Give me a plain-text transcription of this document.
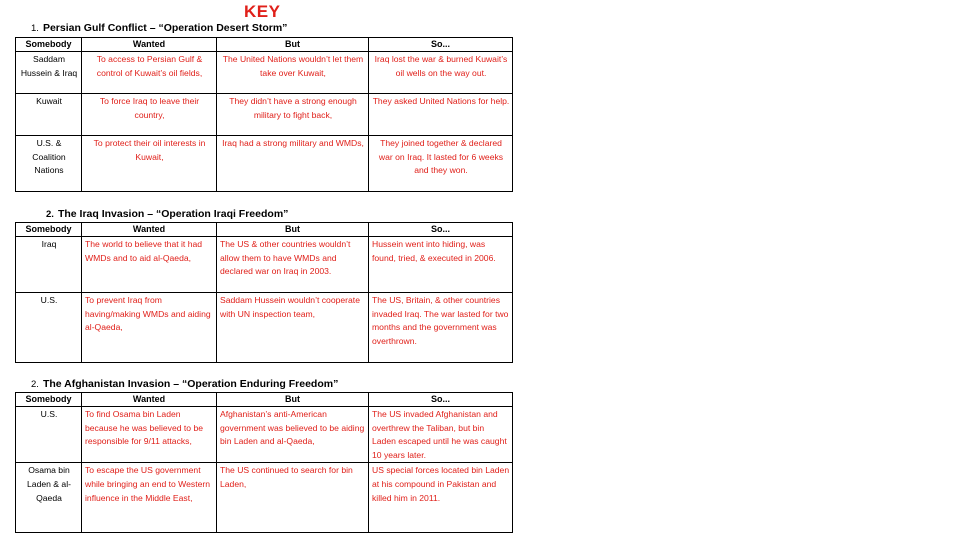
KEY
1. Persian Gulf Conflict – “Operation Desert Storm”
Somebody	Wanted	But	So...
Saddam Hussein & Iraq	To access to Persian Gulf & control of Kuwait’s oil fields,	The United Nations wouldn’t let them take over Kuwait,	Iraq lost the war & burned Kuwait’s oil wells on the way out.
Kuwait	To force Iraq to leave their country,	They didn’t have a strong enough military to fight back,	They asked United Nations for help.
U.S. & Coalition Nations	To protect their oil interests in Kuwait,	Iraq had a strong military and WMDs,	They joined together & declared war on Iraq. It lasted for 6 weeks and they won.
2. The Iraq Invasion – “Operation Iraqi Freedom”
Somebody	Wanted	But	So...
Iraq	The world to believe that it had WMDs and to aid al-Qaeda,	The US & other countries wouldn’t allow them to have WMDs and declared war on Iraq in 2003.	Hussein went into hiding, was found, tried, & executed in 2006.
U.S.	To prevent Iraq from having/making WMDs and aiding al-Qaeda,	Saddam Hussein wouldn’t cooperate with UN inspection team,	The US, Britain, & other countries invaded Iraq. The war lasted for two months and the government was overthrown.
2. The Afghanistan Invasion – “Operation Enduring Freedom”
Somebody	Wanted	But	So...
U.S.	To find Osama bin Laden because he was believed to be responsible for 9/11 attacks,	Afghanistan’s anti-American government was believed to be aiding bin Laden and al-Qaeda,	The US invaded Afghanistan and overthrew the Taliban, but bin Laden escaped until he was caught 10 years later.
Osama bin Laden & al-Qaeda	To escape the US government while bringing an end to Western influence in the Middle East,	The US continued to search for bin Laden,	US special forces located bin Laden at his compound in Pakistan and killed him in 2011.
